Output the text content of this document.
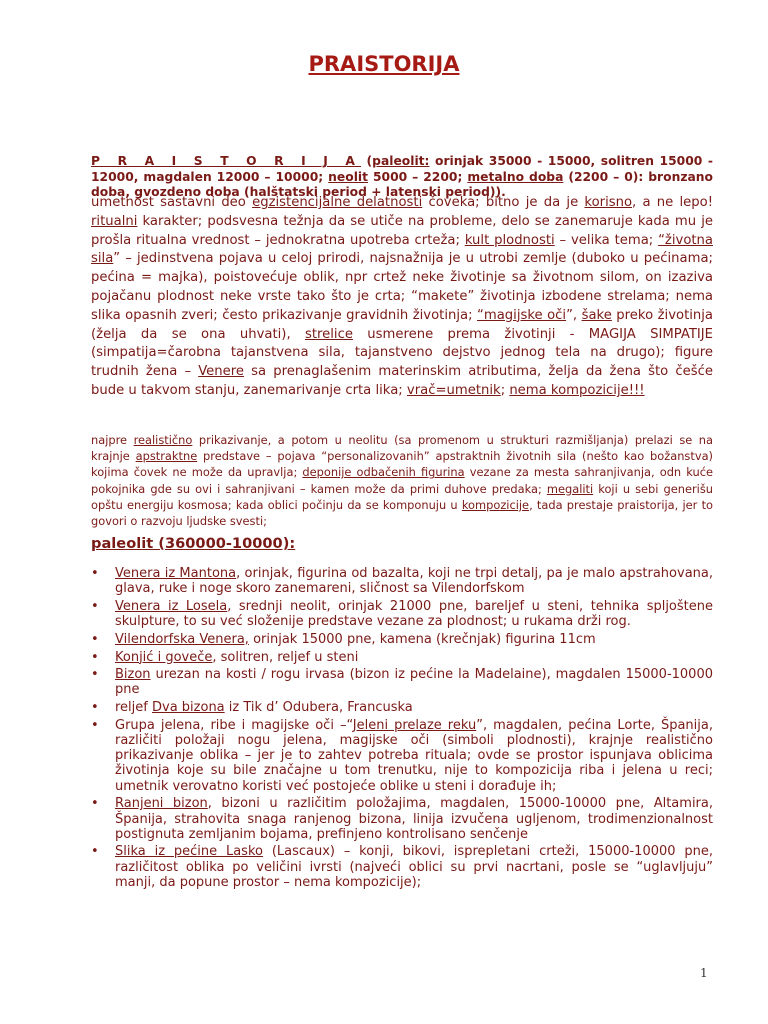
PRAISTORIJA
P R A I S T O R I J A (paleolit: orinjak 35000 - 15000, solitren 15000 - 12000, magdalen 12000 – 10000; neolit 5000 – 2200; metalno doba (2200 – 0): bronzano doba, gvozdeno doba (halštatski period + latenski period)).
umetnost sastavni deo egzistencijalne delatnosti čoveka; bitno je da je korisno, a ne lepo! ritualni karakter; podsvesna težnja da se utiče na probleme, delo se zanemaruje kada mu je prošla ritualna vrednost – jednokratna upotreba crteža; kult plodnosti – velika tema; “životna sila” – jedinstvena pojava u celoj prirodi, najsnažnija je u utrobi zemlje (duboko u pećinama; pećina = majka), poistovećuje oblik, npr crtež neke životinje sa životnom silom, on izaziva pojačanu plodnost neke vrste tako što je crta; “makete” životinja izbodene strelama; nema slika opasnih zveri; često prikazivanje gravidnih životinja; “magijske oči”, šake preko životinja (želja da se ona uhvati), strelice usmerene prema životinji - MAGIJA SIMPATIJE (simpatija=čarobna tajanstvena sila, tajanstveno dejstvo jednog tela na drugo); figure trudnih žena – Venere sa prenaglašenim materinskim atributima, želja da žena što češće bude u takvom stanju, zanemarivanje crta lika; vrač=umetnik; nema kompozicije!!!
najpre realistično prikazivanje, a potom u neolitu (sa promenom u strukturi razmišljanja) prelazi se na krajnje apstraktne predstave – pojava “personalizovanih” apstraktnih životnih sila (nešto kao božanstva) kojima čovek ne može da upravlja; deponije odbačenih figurina vezane za mesta sahranjivanja, odn kuće pokojnika gde su ovi i sahranjivani – kamen može da primi duhove predaka; megaliti koji u sebi generišu opštu energiju kosmosa; kada oblici počinju da se komponuju u kompozicije, tada prestaje praistorija, jer to govori o razvoju ljudske svesti;
paleolit (360000-10000):
• Venera iz Mantona, orinjak, figurina od bazalta, koji ne trpi detalj, pa je malo apstrahovana, glava, ruke i noge skoro zanemareni, sličnost sa Vilendorfskom
• Venera iz Losela, srednji neolit, orinjak 21000 pne, bareljef u steni, tehnika spljoštene skulpture, to su već složenije predstave vezane za plodnost; u rukama drži rog.
• Vilendorfska Venera, orinjak 15000 pne, kamena (krečnjak) figurina 11cm
• Konjić i goveče, solitren, reljef u steni
• Bizon urezan na kosti / rogu irvasa (bizon iz pećine la Madelaine), magdalen 15000-10000 pne
• reljef Dva bizona iz Tik d’ Odubera, Francuska
• Grupa jelena, ribe i magijske oči –“Jeleni prelaze reku”, magdalen, pećina Lorte, Španija, različiti položaji nogu jelena, magijske oči (simboli plodnosti), krajnje realistično prikazivanje oblika – jer je to zahtev potreba rituala; ovde se prostor ispunjava oblicima životinja koje su bile značajne u tom trenutku, nije to kompozicija riba i jelena u reci; umetnik verovatno koristi već postojeće oblike u steni i dorađuje ih;
• Ranjeni bizon, bizoni u različitim položajima, magdalen, 15000-10000 pne, Altamira, Španija, strahovita snaga ranjenog bizona, linija izvučena ugljenom, trodimenzionalnost postignuta zemljanim bojama, prefinjeno kontrolisano senčenje
• Slika iz pećine Lasko (Lascaux) – konji, bikovi, isprepletani crteži, 15000-10000 pne, različitost oblika po veličini ivrsti (najveći oblici su prvi nacrtani, posle se “uglavljuju” manji, da popune prostor – nema kompozicije);
1
